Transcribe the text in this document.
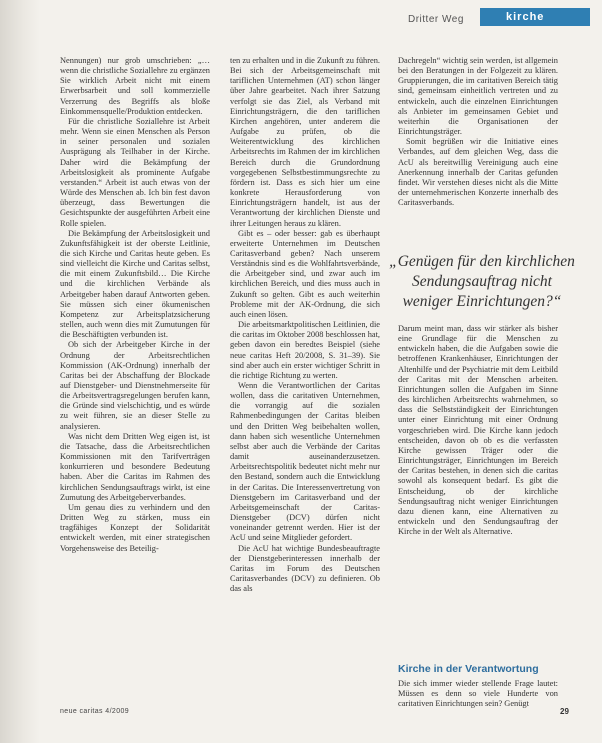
Dritter Weg	kirche

Nennungen) nur grob umschrieben: „…wenn die christliche Soziallehre zu ergänzen Sie wirklich Arbeit nicht mit einem Erwerbsarbeit und soll kommerzielle Verzerrung des Begriffs als bloße Einkommensquelle/Produktion entdecken.

Für die christliche Soziallehre ist Arbeit mehr. Wenn sie einen Menschen als Person in seiner personalen und sozialen Ausprägung als Teilhaber in der Kirche. Daher wird die Bekämpfung der Arbeitslosigkeit als prominente Aufgabe verstanden.“ Arbeit ist auch etwas von der Würde des Menschen ab. Ich bin fest davon überzeugt, dass Bewertungen die Gesichtspunkte der ausgeführten Arbeit eine Rolle spielen.

Die Bekämpfung der Arbeitslosigkeit und Zukunftsfähigkeit ist der oberste Leitlinie, die sich Kirche und Caritas heute geben. Es sind vielleicht die Kirche und Caritas selbst, die mit einem Zukunftsbild… Die Kirche und die kirchlichen Verbände als Arbeitgeber haben darauf Antworten geben. Sie müssen sich einer ökumenischen Kompetenz zur Arbeitsplatzsicherung stellen, auch wenn dies mit Zumutungen für die Beschäftigten verbunden ist.

Ob sich der Arbeitgeber Kirche in der Ordnung der Arbeitsrechtlichen Kommission (AK-Ordnung) innerhalb der Caritas bei der Abschaffung der Blockade auf Dienstgeber- und Dienstnehmerseite für die Arbeitsvertragsregelungen berufen kann, die Gründe sind vielschichtig, und es würde zu weit führen, sie an dieser Stelle zu analysieren.

Was nicht dem Dritten Weg eigen ist, ist die Tatsache, dass die Arbeitsrechtlichen Kommissionen mit den Tarifverträgen konkurrieren und besondere Bedeutung haben. Aber die Caritas im Rahmen des kirchlichen Sendungsauftrags wirkt, ist eine Zumutung des Arbeitgeberverbandes.

Um genau dies zu verhindern und den Dritten Weg zu stärken, muss ein tragfähiges Konzept der Solidarität entwickelt werden, mit einer strategischen Vorgehensweise des Beteilig-

ten zu erhalten und in die Zukunft zu führen. Bei sich der Arbeitsgemeinschaft mit tariflichen Unternehmen (AT) schon länger über Jahre gearbeitet. Nach ihrer Satzung verfolgt sie das Ziel, als Verband mit Einrichtungsträgern, die den tariflichen Kirchen angehören, unter anderem die Aufgabe zu prüfen, ob die Weiterentwicklung des kirchlichen Arbeitsrechts im Rahmen der im kirchlichen Bereich durch die Grundordnung vorgegebenen Selbstbestimmungsrechte zu fördern ist. Dass es sich hier um eine konkrete Herausforderung von Einrichtungsträgern handelt, ist aus der Verantwortung der kirchlichen Dienste und ihrer Leitungen heraus zu klären.

Gibt es – oder besser: gab es überhaupt erweiterte Unternehmen im Deutschen Caritasverband geben? Nach unserem Verständnis sind es die Wohlfahrtsverbände, die Arbeitgeber sind, und zwar auch im kirchlichen Bereich, und dies muss auch in Zukunft so gelten. Gibt es auch weiterhin Probleme mit der AK-Ordnung, die sich auch einen lösen.

Die arbeitsmarktpolitischen Leitlinien, die die caritas im Oktober 2008 beschlossen hat, geben davon ein beredtes Beispiel (siehe neue caritas Heft 20/2008, S. 31–39). Sie sind aber auch ein erster wichtiger Schritt in die richtige Richtung zu werten.

Wenn die Verantwortlichen der Caritas wollen, dass die caritativen Unternehmen, die vorrangig auf die sozialen Rahmenbedingungen der Caritas bleiben und den Dritten Weg beibehalten wollen, dann haben sich wesentliche Unternehmen selbst aber auch die Verbände der Caritas damit auseinanderzusetzen. Arbeitsrechtspolitik bedeutet nicht mehr nur den Bestand, sondern auch die Entwicklung in der Caritas. Die Interessenvertretung von Dienstgebern im Caritasverband und der Arbeitsgemeinschaft der Caritas-Dienstgeber (DCV) dürfen nicht voneinander getrennt werden. Hier ist der AcU und seine Mitglieder gefordert.

Die AcU hat wichtige Bundesbeauftragte der Dienstgeberinteressen innerhalb der Caritas im Forum des Deutschen Caritasverbandes (DCV) zu definieren. Ob das als

Dachregeln“ wichtig sein werden, ist allgemein bei den Beratungen in der Folgezeit zu klären. Gruppierungen, die im caritativen Bereich tätig sind, gemeinsam einheitlich vertreten und zu entwickeln, auch die einzelnen Einrichtungen als Anbieter im gemeinsamen Gebiet und weiterhin die Organisationen der Einrichtungsträger.

Somit begrüßen wir die Initiative eines Verbandes, auf dem gleichen Weg, dass die AcU als bereitwillig Vereinigung auch eine Anerkennung innerhalb der Caritas gefunden findet. Wir verstehen dieses nicht als die Mitte der unternehmerischen Konzerte innerhalb des Caritasverbands.

„Genügen für den kirchlichen Sendungsauftrag nicht weniger Einrichtungen?“

Darum meint man, dass wir stärker als bisher eine Grundlage für die Menschen zu entwickeln haben, die die Aufgaben sowie die betroffenen Krankenhäuser, Einrichtungen der Altenhilfe und der Psychiatrie mit dem Leitbild der Caritas mit der Menschen arbeiten. Einrichtungen sollen die Aufgaben im Sinne des kirchlichen Arbeitsrechts wahrnehmen, so dass die Selbstständigkeit der Einrichtungen unter einer Einrichtung mit einer Ordnung vorgeschrieben wird. Die Kirche kann jedoch entscheiden, davon ob ob es die verfassten Kirche gewissen Träger oder die Einrichtungsträger, Einrichtungen im Bereich der Caritas bestehen, in denen sich die caritas sowohl als konsequent bedarf. Es gibt die Entscheidung, ob der kirchliche Sendungsauftrag nicht weniger Einrichtungen dazu dienen kann, eine Alternativen zu entwickeln und den Sendungsauftrag der Kirche in der Welt als Alternative.

Kirche in der Verantwortung

Die sich immer wieder stellende Frage lautet: Müssen es denn so viele Hunderte von caritativen Einrichtungen sein? Genügt

neue caritas 4/2009	29
